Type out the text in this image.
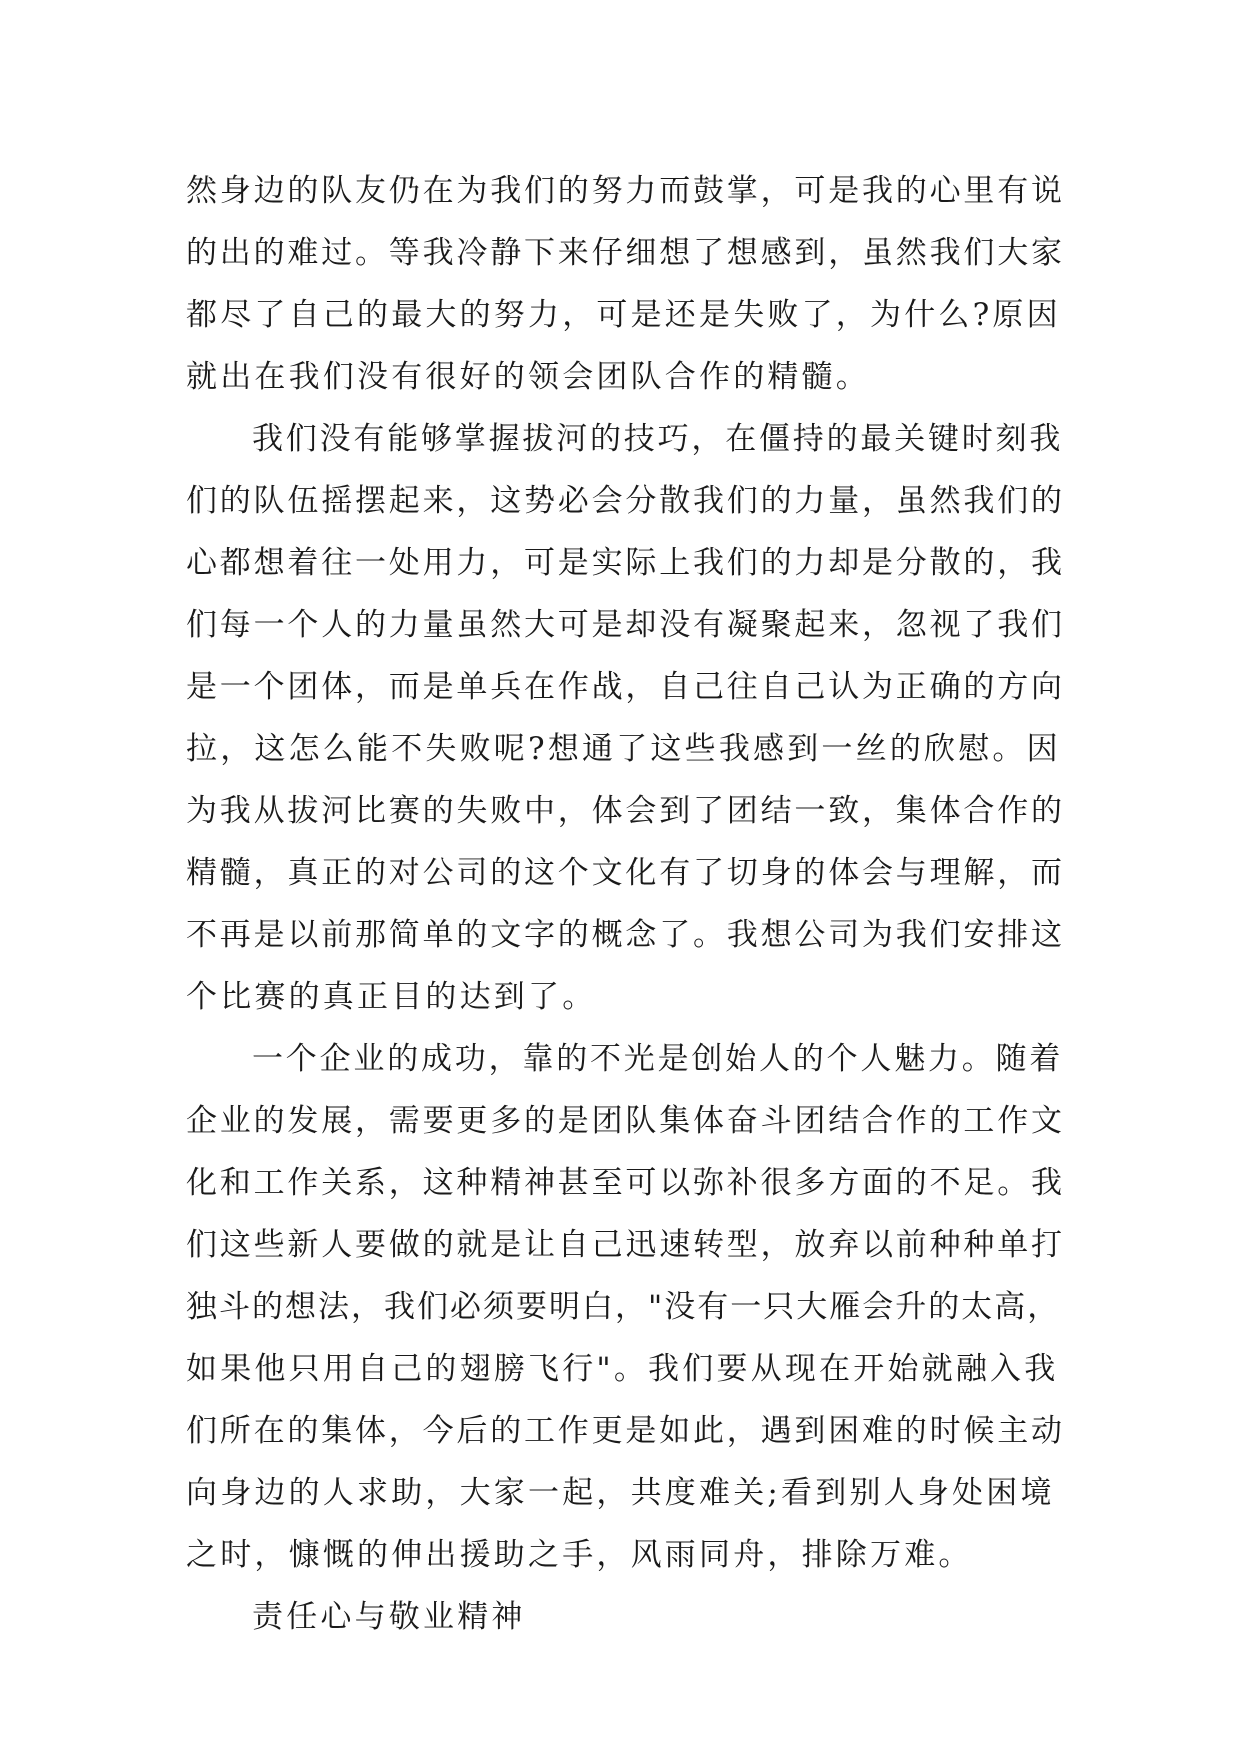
然身边的队友仍在为我们的努力而鼓掌，可是我的心里有说
的出的难过。等我冷静下来仔细想了想感到，虽然我们大家
都尽了自己的最大的努力，可是还是失败了，为什么?原因
就出在我们没有很好的领会团队合作的精髓。
我们没有能够掌握拔河的技巧，在僵持的最关键时刻我
们的队伍摇摆起来，这势必会分散我们的力量，虽然我们的
心都想着往一处用力，可是实际上我们的力却是分散的，我
们每一个人的力量虽然大可是却没有凝聚起来，忽视了我们
是一个团体，而是单兵在作战，自己往自己认为正确的方向
拉，这怎么能不失败呢?想通了这些我感到一丝的欣慰。因
为我从拔河比赛的失败中，体会到了团结一致，集体合作的
精髓，真正的对公司的这个文化有了切身的体会与理解，而
不再是以前那简单的文字的概念了。我想公司为我们安排这
个比赛的真正目的达到了。
一个企业的成功，靠的不光是创始人的个人魅力。随着
企业的发展，需要更多的是团队集体奋斗团结合作的工作文
化和工作关系，这种精神甚至可以弥补很多方面的不足。我
们这些新人要做的就是让自己迅速转型，放弃以前种种单打
独斗的想法，我们必须要明白，"没有一只大雁会升的太高，
如果他只用自己的翅膀飞行"。我们要从现在开始就融入我
们所在的集体，今后的工作更是如此，遇到困难的时候主动
向身边的人求助，大家一起，共度难关;看到别人身处困境
之时，慷慨的伸出援助之手，风雨同舟，排除万难。
责任心与敬业精神
